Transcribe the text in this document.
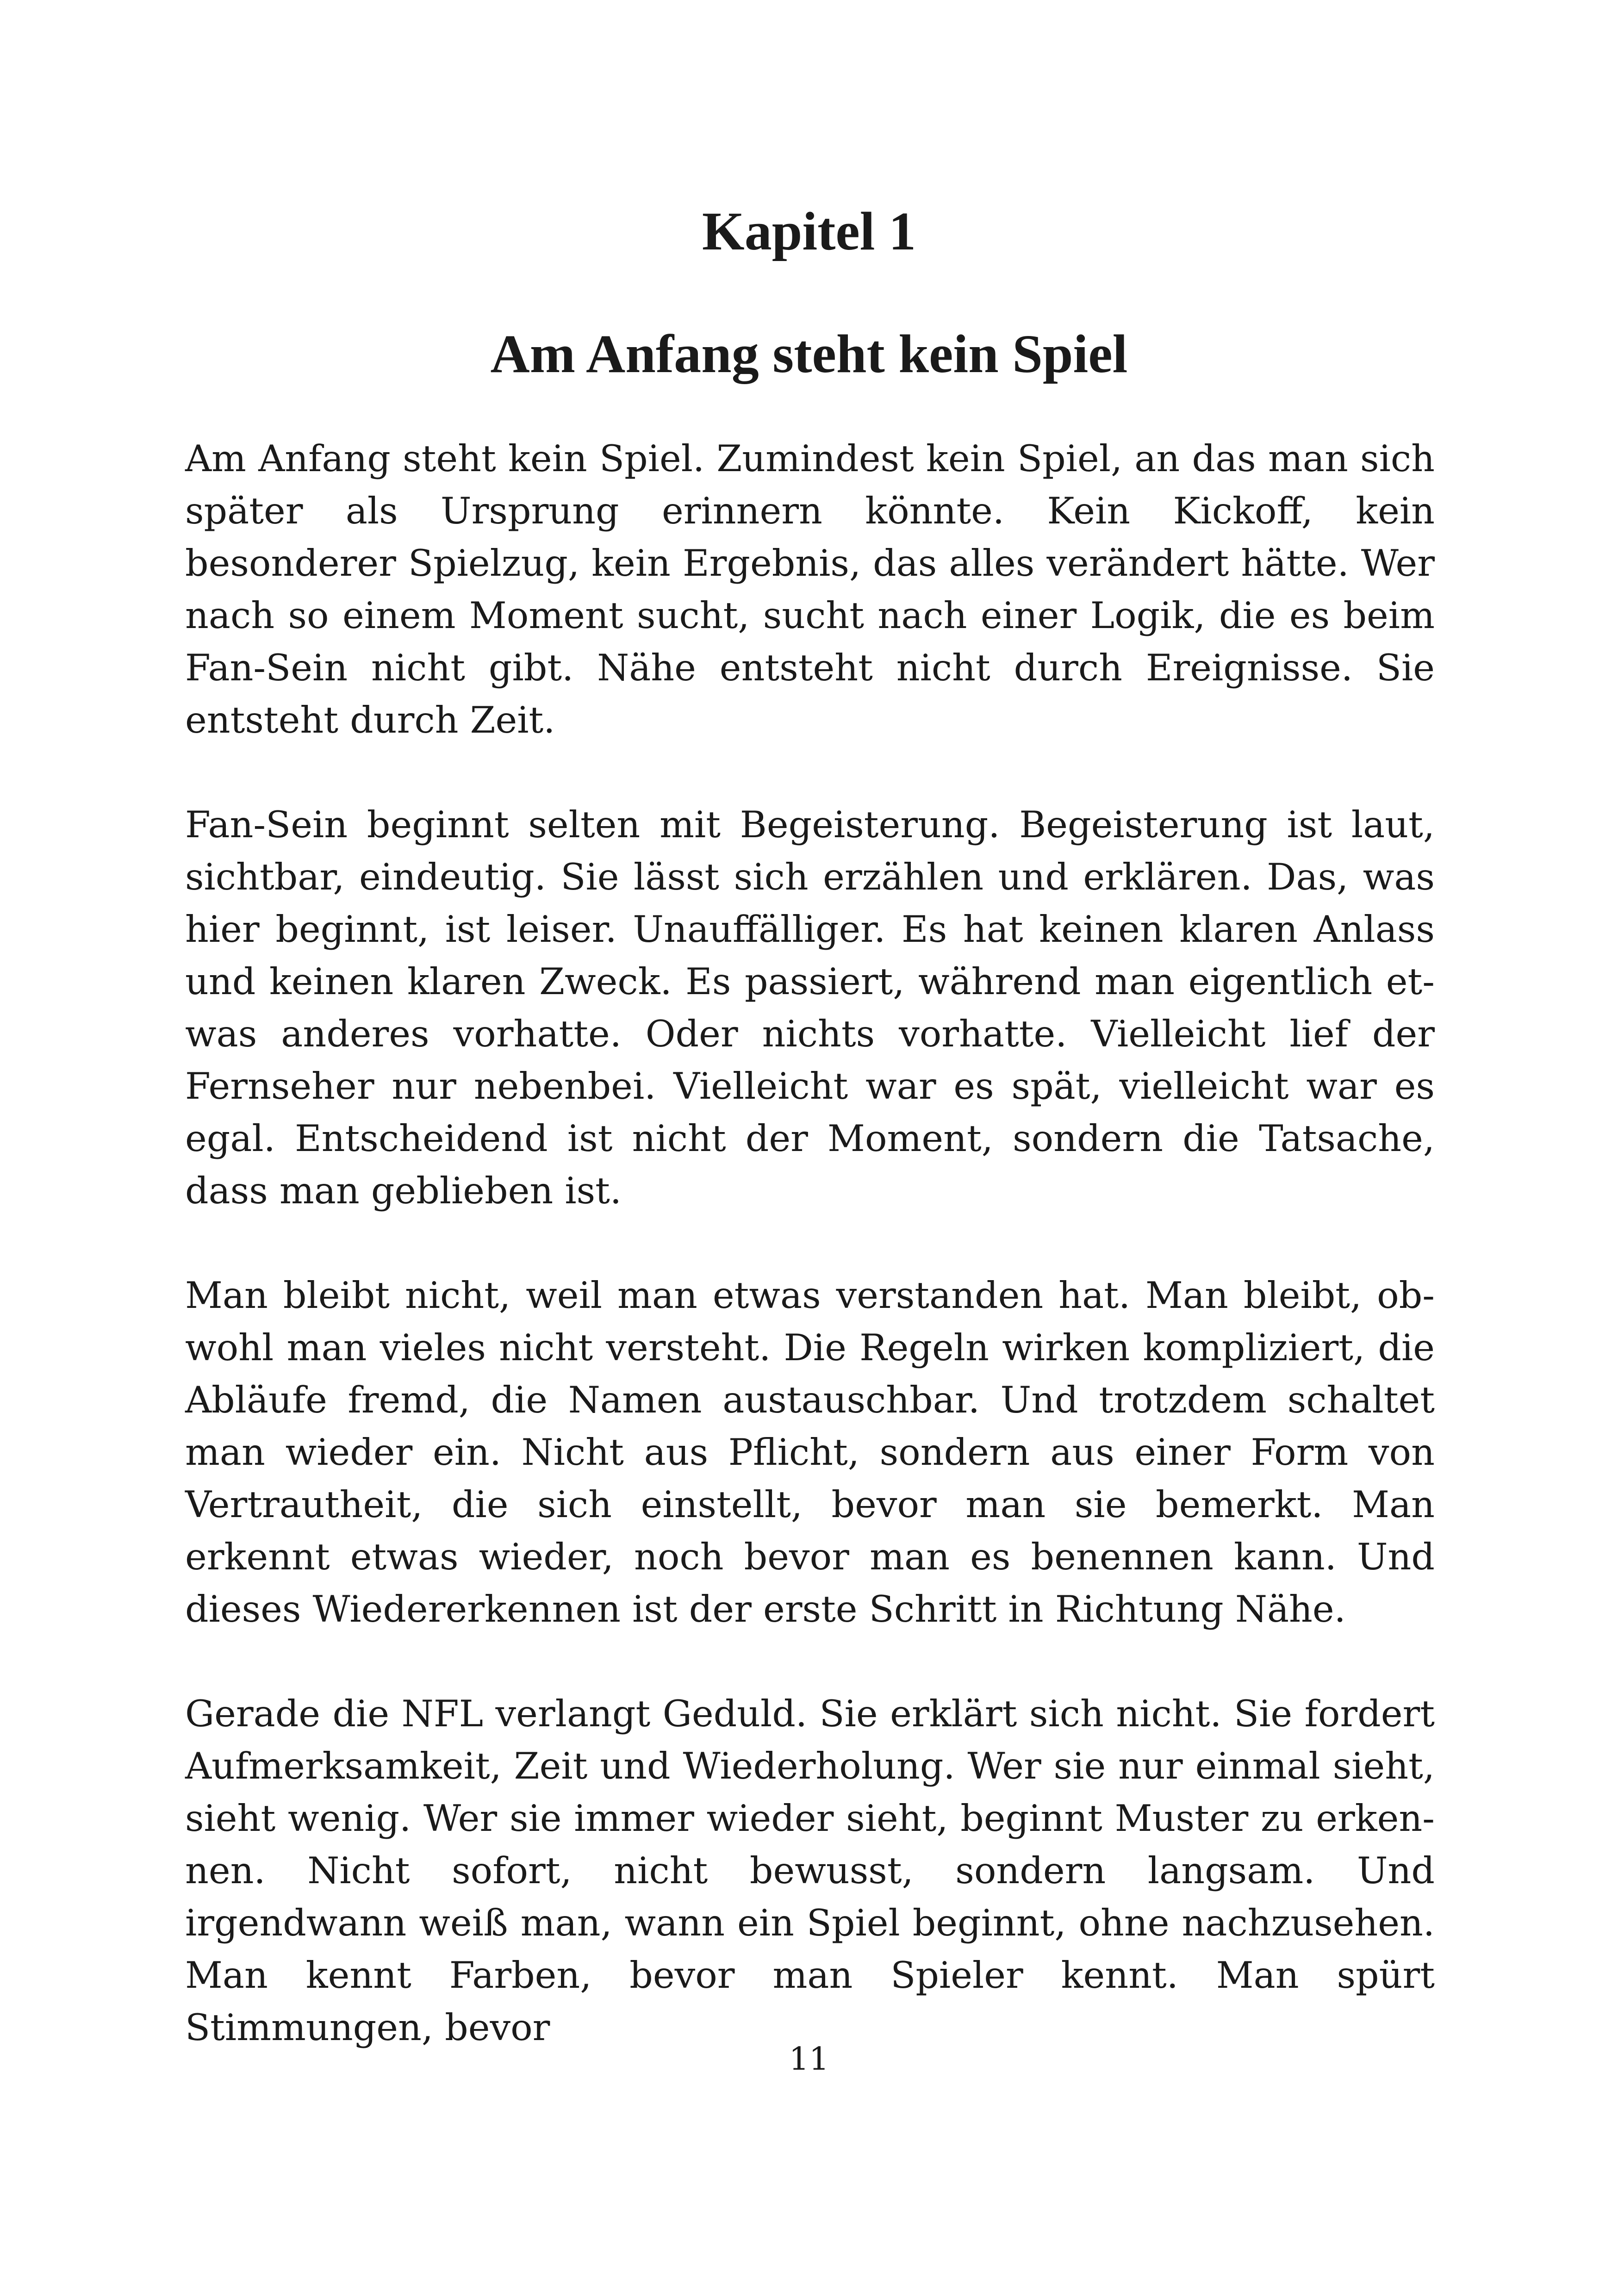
Kapitel 1
Am Anfang steht kein Spiel

Am Anfang steht kein Spiel. Zumindest kein Spiel, an das man sich später als Ursprung erinnern könnte. Kein Kickoff, kein besonderer Spielzug, kein Ergebnis, das alles verändert hätte. Wer nach so einem Moment sucht, sucht nach einer Logik, die es beim Fan-Sein nicht gibt. Nähe entsteht nicht durch Ereignisse. Sie entsteht durch Zeit.

Fan-Sein beginnt selten mit Begeisterung. Begeisterung ist laut, sichtbar, eindeutig. Sie lässt sich erzählen und erklären. Das, was hier beginnt, ist leiser. Unauffälliger. Es hat keinen klaren Anlass und keinen klaren Zweck. Es passiert, während man eigentlich etwas anderes vorhatte. Oder nichts vorhatte. Vielleicht lief der Fernseher nur nebenbei. Vielleicht war es spät, vielleicht war es egal. Entscheidend ist nicht der Moment, sondern die Tatsache, dass man geblieben ist.

Man bleibt nicht, weil man etwas verstanden hat. Man bleibt, obwohl man vieles nicht versteht. Die Regeln wirken kompliziert, die Abläufe fremd, die Namen austauschbar. Und trotzdem schaltet man wieder ein. Nicht aus Pflicht, sondern aus einer Form von Vertrautheit, die sich einstellt, bevor man sie bemerkt. Man erkennt etwas wieder, noch bevor man es benennen kann. Und dieses Wiedererkennen ist der erste Schritt in Richtung Nähe.

Gerade die NFL verlangt Geduld. Sie erklärt sich nicht. Sie fordert Aufmerksamkeit, Zeit und Wiederholung. Wer sie nur einmal sieht, sieht wenig. Wer sie immer wieder sieht, beginnt Muster zu erkennen. Nicht sofort, nicht bewusst, sondern langsam. Und irgendwann weiß man, wann ein Spiel beginnt, ohne nachzusehen. Man kennt Farben, bevor man Spieler kennt. Man spürt Stimmungen, bevor

11
